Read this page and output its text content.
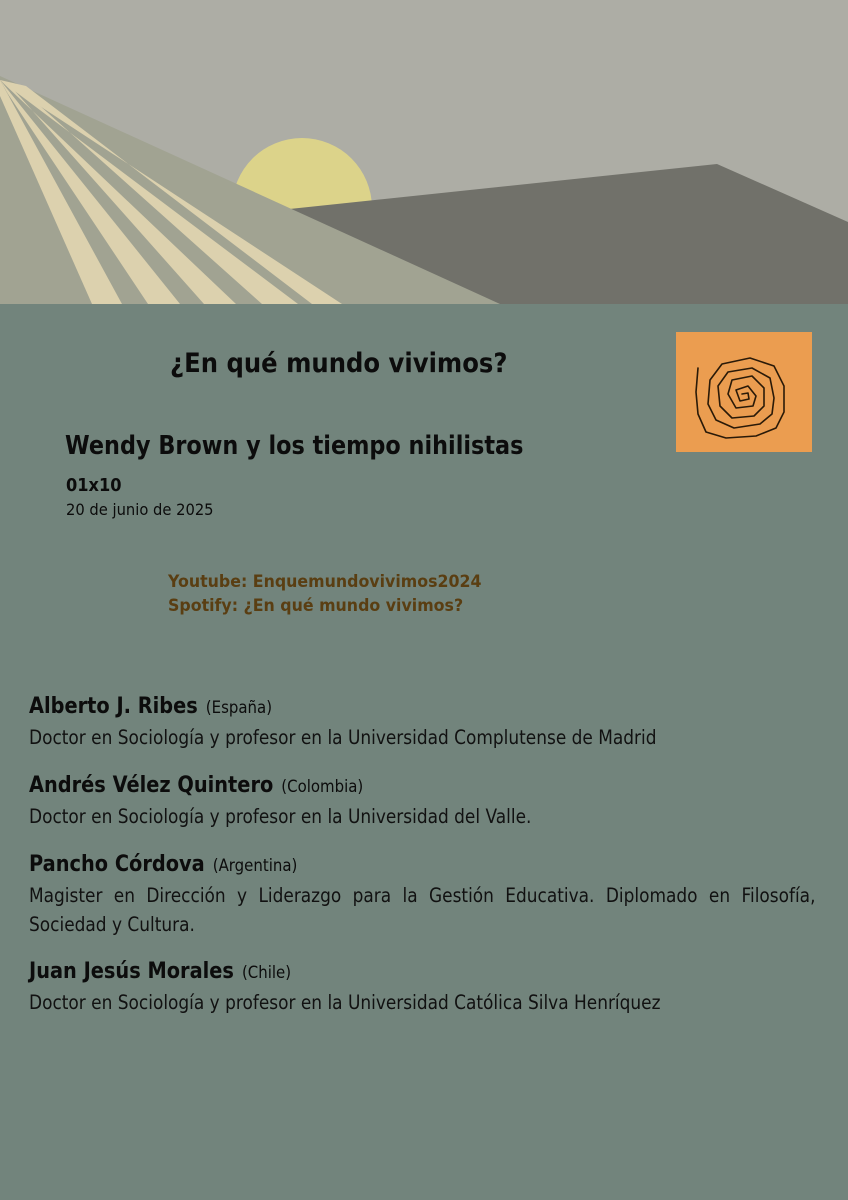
¿En qué mundo vivimos?
Wendy Brown y los tiempo nihilistas
01x10
20 de junio de 2025
Youtube: Enquemundovivimos2024
Spotify: ¿En qué mundo vivimos?
Alberto J. Ribes (España)
Doctor en Sociología y profesor en la Universidad Complutense de Madrid
Andrés Vélez Quintero (Colombia)
Doctor en Sociología y profesor en la Universidad del Valle.
Pancho Córdova (Argentina)
Magister en Dirección y Liderazgo para la Gestión Educativa. Diplomado en Filosofía, Sociedad y Cultura.
Juan Jesús Morales (Chile)
Doctor en Sociología y profesor en la Universidad Católica Silva Henríquez
